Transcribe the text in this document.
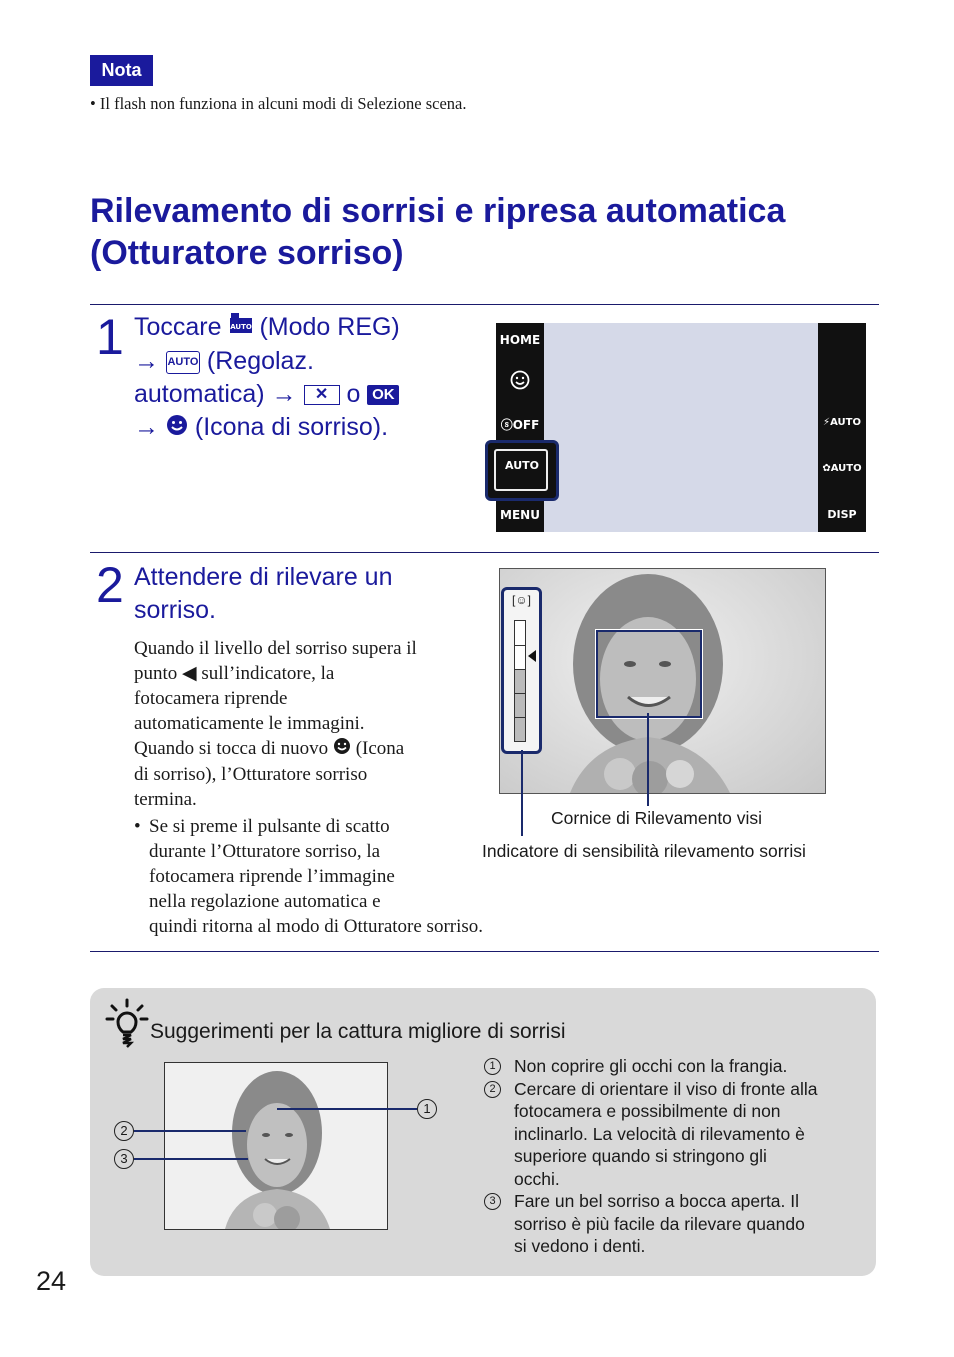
Nota
• Il flash non funziona in alcuni modi di Selezione scena.
Rilevamento di sorrisi e ripresa automatica
(Otturatore sorriso)
1 Toccare AUTO (Modo REG)
→ AUTO (Regolaz.
automatica) → ✕ o OK
→ (Icona di sorriso).
HOME
ⓢOFF
AUTO
MENU
⚡AUTO
✿AUTO
DISP
2 Attendere di rilevare un
sorriso.
Quando il livello del sorriso supera il
punto ◀ sull’indicatore, la
fotocamera riprende
automaticamente le immagini.
Quando si tocca di nuovo (Icona
di sorriso), l’Otturatore sorriso
termina.
• Se si preme il pulsante di scatto
durante l’Otturatore sorriso, la
fotocamera riprende l’immagine
nella regolazione automatica e
quindi ritorna al modo di Otturatore sorriso.
[☺]
Cornice di Rilevamento visi
Indicatore di sensibilità rilevamento sorrisi
Suggerimenti per la cattura migliore di sorrisi
1
2
3
1	Non coprire gli occhi con la frangia.
2	Cercare di orientare il viso di fronte alla
fotocamera e possibilmente di non
inclinarlo. La velocità di rilevamento è
superiore quando si stringono gli
occhi.
3	Fare un bel sorriso a bocca aperta. Il
sorriso è più facile da rilevare quando
si vedono i denti.
24
